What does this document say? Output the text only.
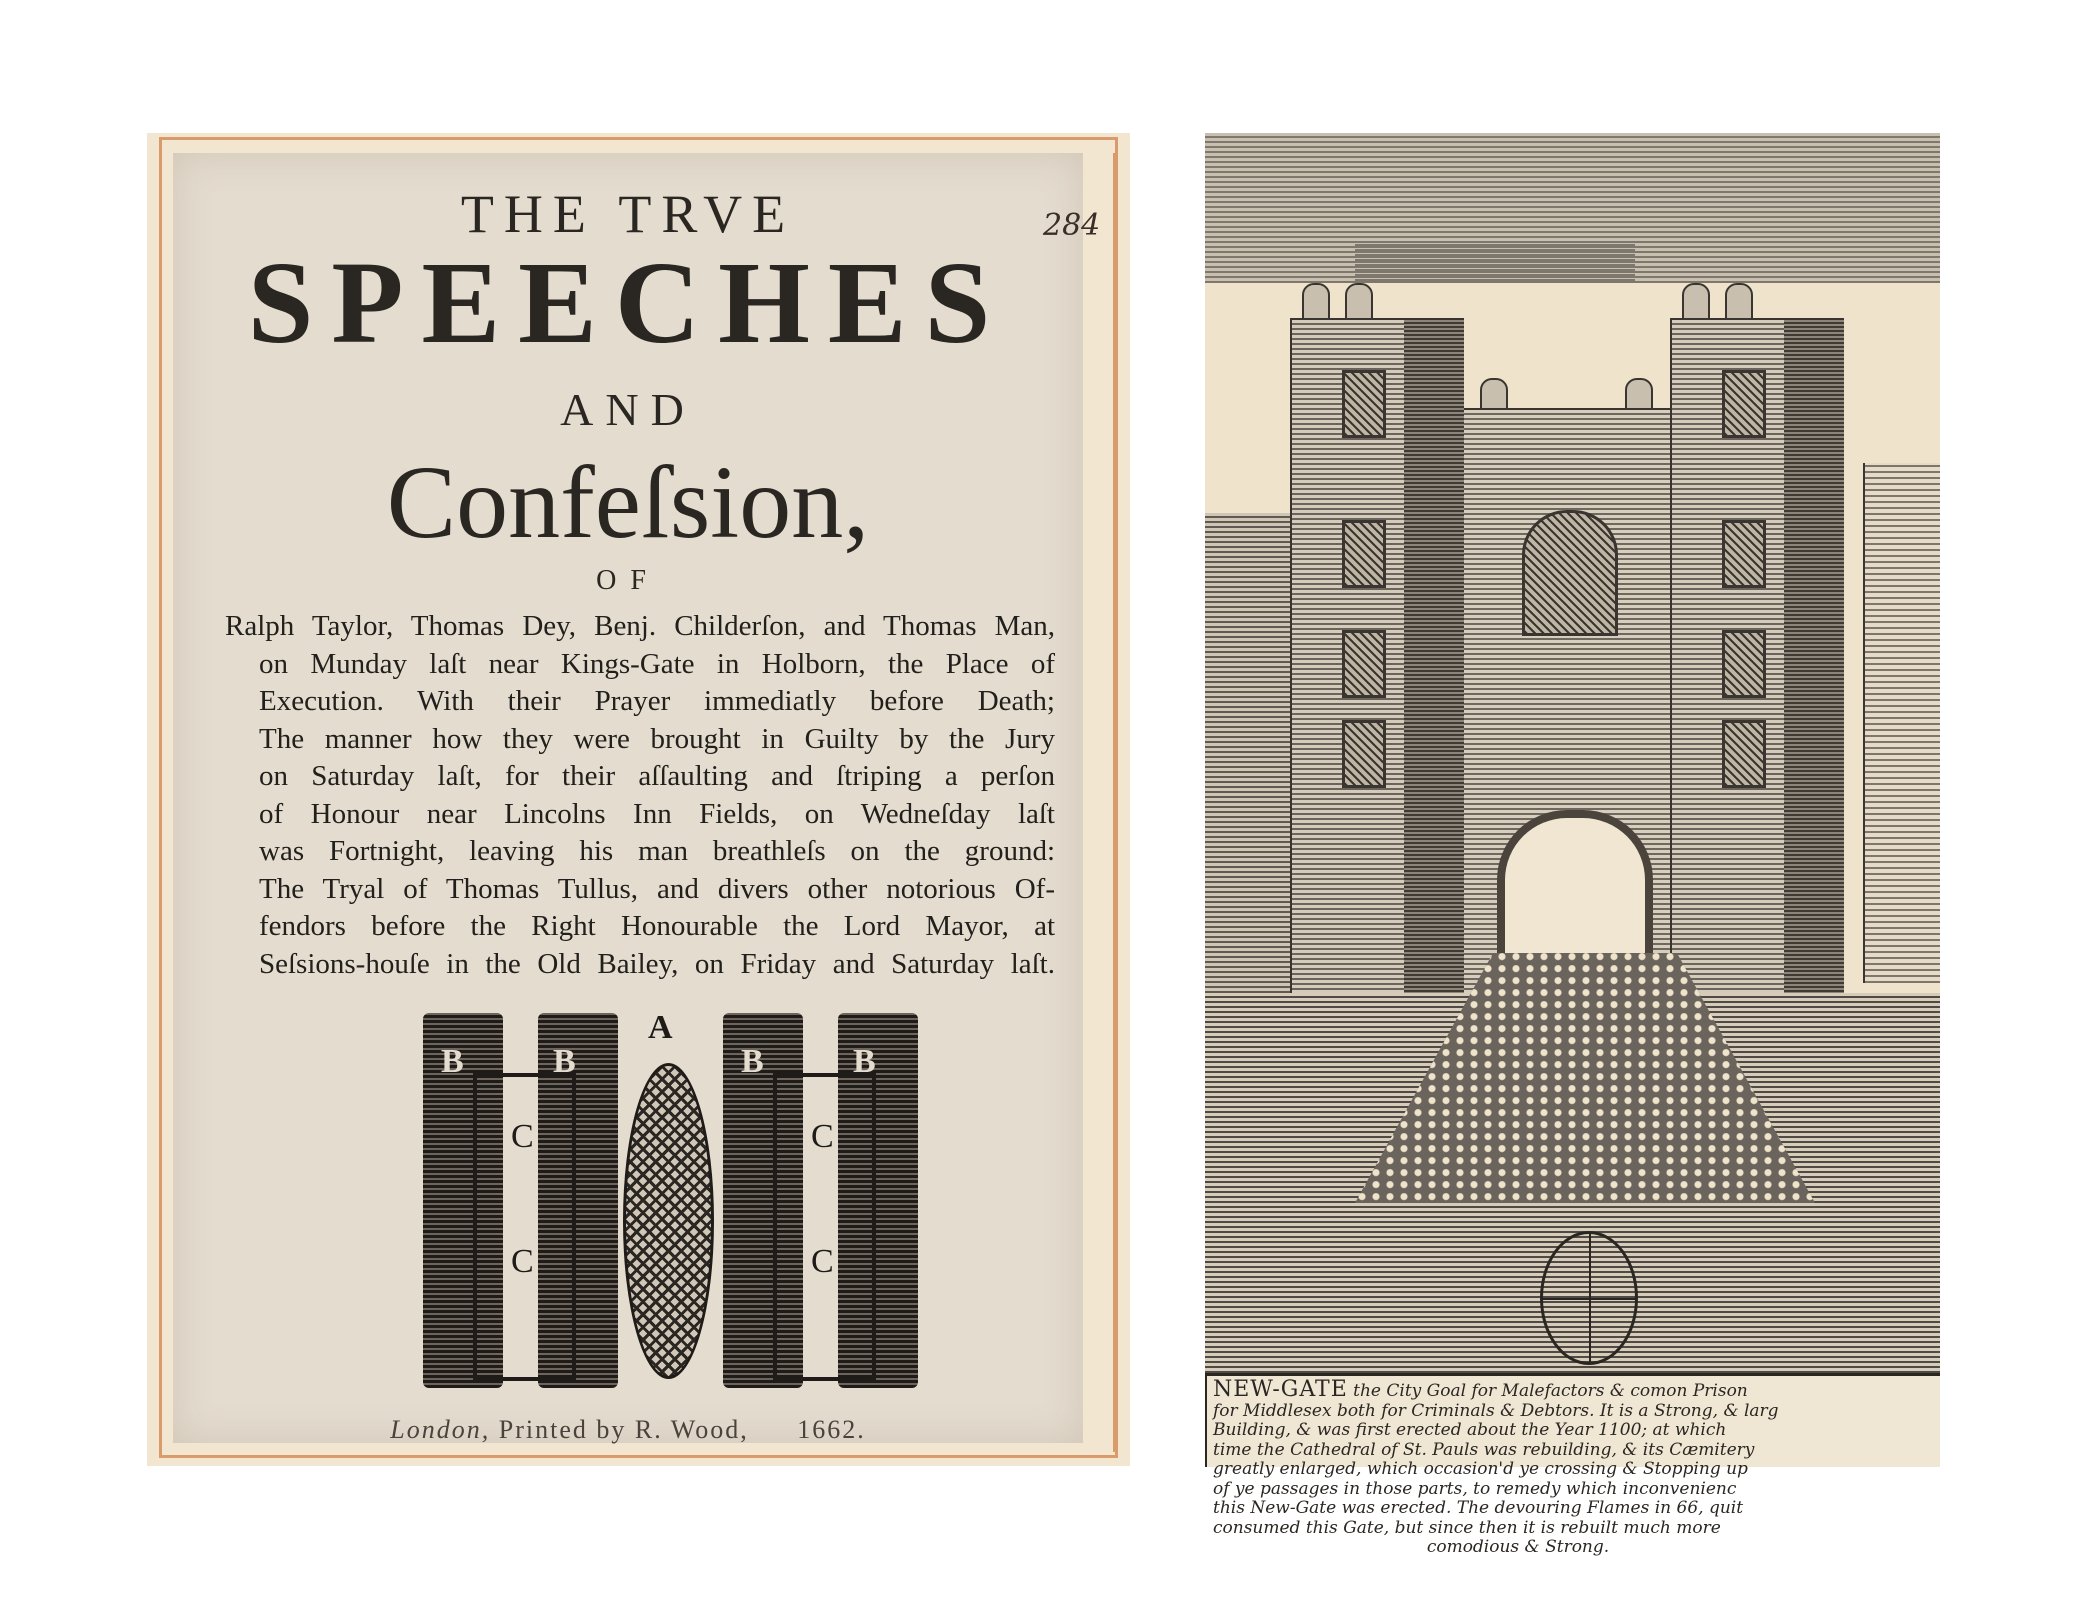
THE TRVE
SPEECHES
AND
Confeſsion,
OF
284
Ralph Taylor, Thomas Dey, Benj. Childerſon, and Thomas Man,
on Munday laſt near Kings-Gate in Holborn, the Place of
Execution. With their Prayer immediatly before Death;
The manner how they were brought in Guilty by the Jury
on Saturday laſt, for their aſſaulting and ſtriping a perſon
of Honour near Lincolns Inn Fields, on Wedneſday laſt
was Fortnight, leaving his man breathleſs on the ground:
The Tryal of Thomas Tullus, and divers other notorious Of-
fendors before the Right Honourable the Lord Mayor, at
Seſsions-houſe in the Old Bailey, on Friday and Saturday laſt.
A
B	B	B	B
C
C
C
C
London, Printed by R. Wood, 1662.
NEW-GATE the City Goal for Malefactors & comon Prison
for Middlesex both for Criminals & Debtors. It is a Strong, & larg
Building, & was first erected about the Year 1100; at which
time the Cathedral of St. Pauls was rebuilding, & its Cæmitery
greatly enlarged, which occasion'd ye crossing & Stopping up
of ye passages in those parts, to remedy which inconvenienc
this New-Gate was erected. The devouring Flames in 66, quit
consumed this Gate, but since then it is rebuilt much more
comodious & Strong.
